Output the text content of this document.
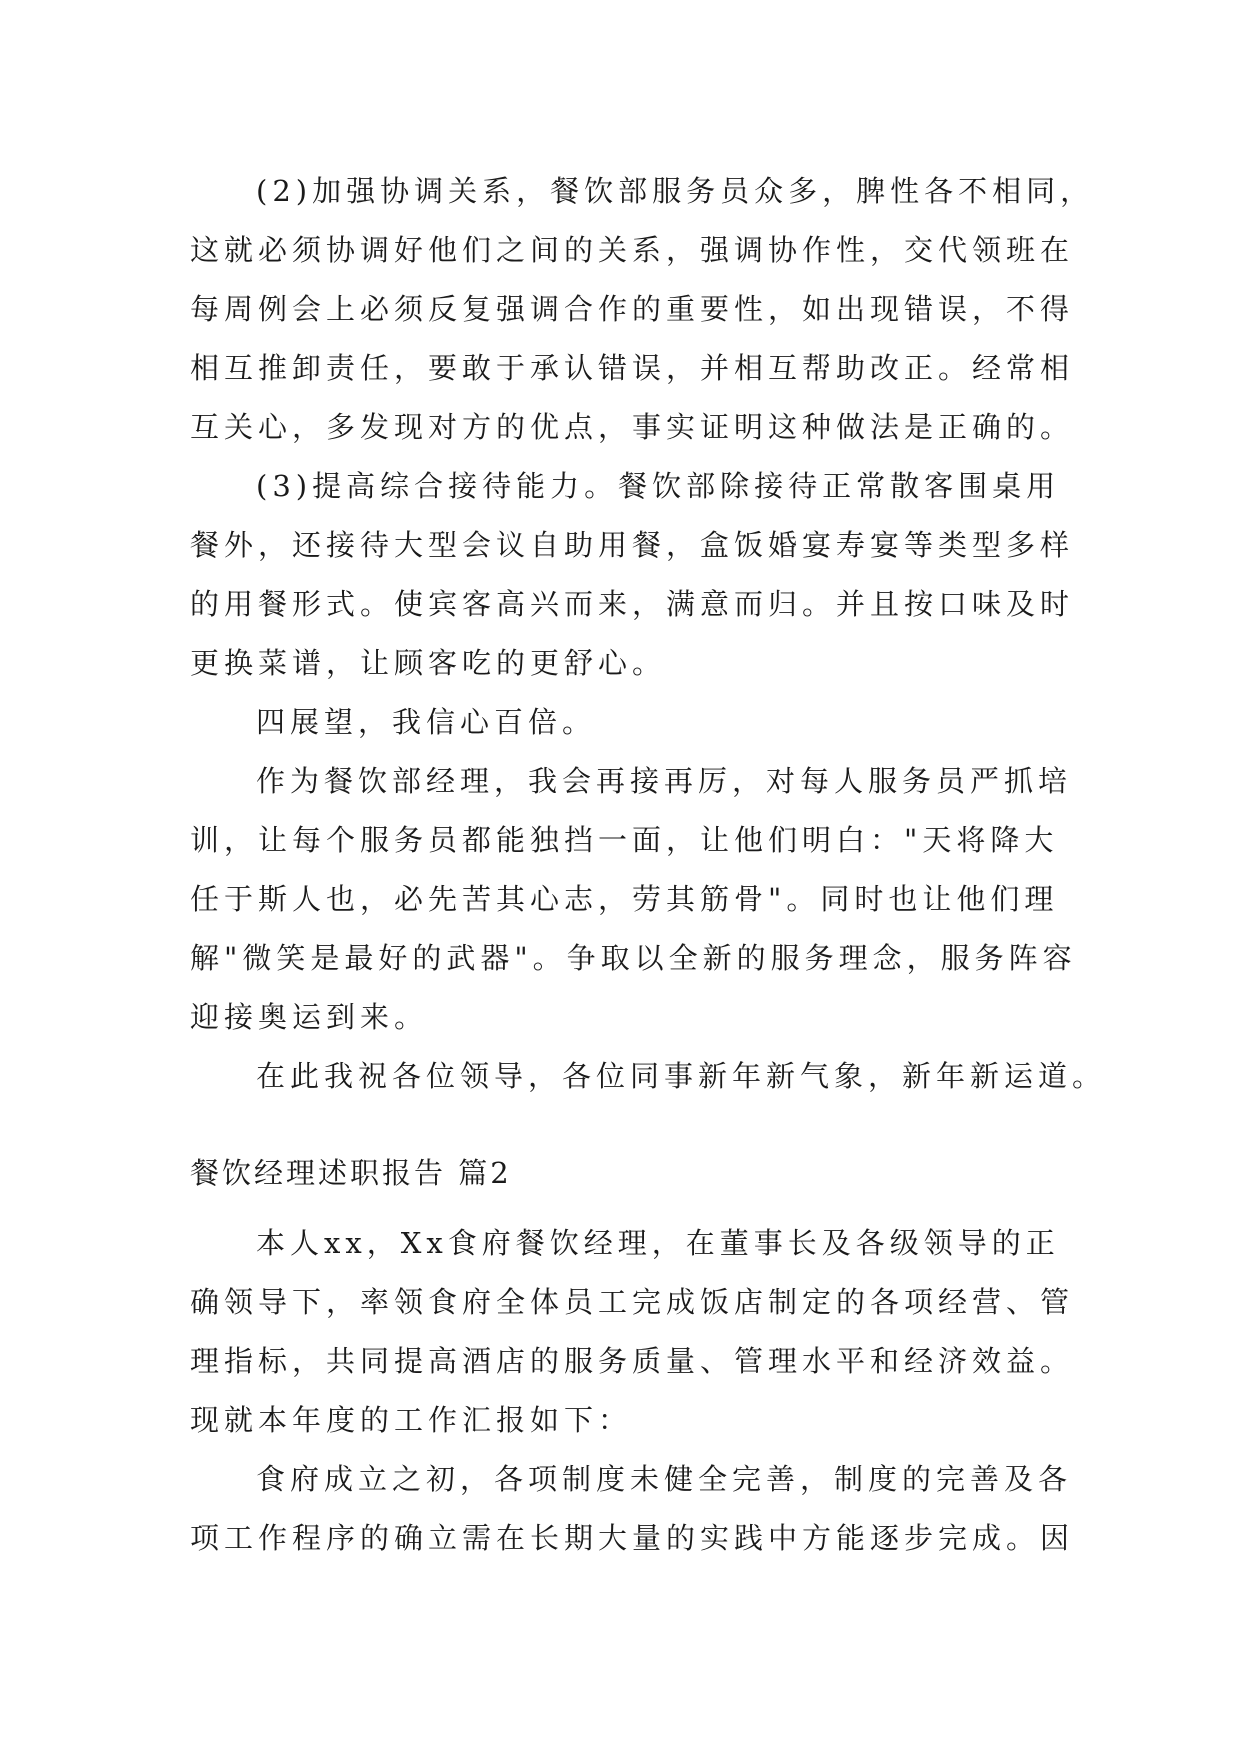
(2)加强协调关系，餐饮部服务员众多，脾性各不相同，
这就必须协调好他们之间的关系，强调协作性，交代领班在
每周例会上必须反复强调合作的重要性，如出现错误，不得
相互推卸责任，要敢于承认错误，并相互帮助改正。经常相
互关心，多发现对方的优点，事实证明这种做法是正确的。
(3)提高综合接待能力。餐饮部除接待正常散客围桌用
餐外，还接待大型会议自助用餐，盒饭婚宴寿宴等类型多样
的用餐形式。使宾客高兴而来，满意而归。并且按口味及时
更换菜谱，让顾客吃的更舒心。
四展望，我信心百倍。
作为餐饮部经理，我会再接再厉，对每人服务员严抓培
训，让每个服务员都能独挡一面，让他们明白："天将降大
任于斯人也，必先苦其心志，劳其筋骨"。同时也让他们理
解"微笑是最好的武器"。争取以全新的服务理念，服务阵容
迎接奥运到来。
在此我祝各位领导，各位同事新年新气象，新年新运道。
餐饮经理述职报告 篇2
本人xx，Xx食府餐饮经理，在董事长及各级领导的正
确领导下，率领食府全体员工完成饭店制定的各项经营、管
理指标，共同提高酒店的服务质量、管理水平和经济效益。
现就本年度的工作汇报如下：
食府成立之初，各项制度未健全完善，制度的完善及各
项工作程序的确立需在长期大量的实践中方能逐步完成。因
